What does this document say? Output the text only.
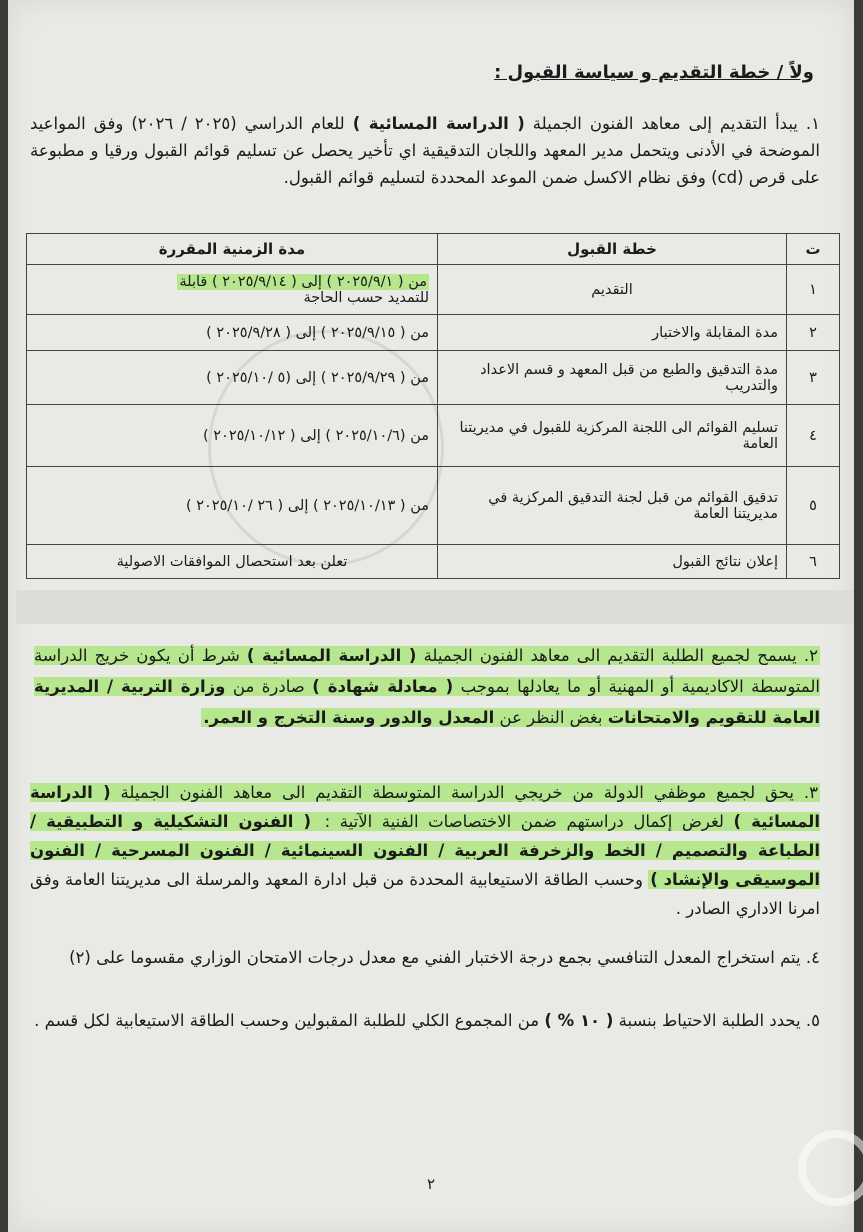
ولاً / خطة التقديم و سياسة القبول :
١. يبدأ التقديم إلى معاهد الفنون الجميلة ( الدراسة المسائية ) للعام الدراسي (٢٠٢٥ / ٢٠٢٦) وفق المواعيد الموضحة في الأدنى ويتحمل مدير المعهد واللجان التدقيقية اي تأخير يحصل عن تسليم قوائم القبول ورقيا و مطبوعة على قرص (cd) وفق نظام الاكسل ضمن الموعد المحددة لتسليم قوائم القبول.
ت	خطة القبول	مدة الزمنية المقررة
١	التقديم	من ( ٢٠٢٥/٩/١ ) إلى ( ٢٠٢٥/٩/١٤ ) قابلة
للتمديد حسب الحاجة

٢	مدة المقابلة والاختبار	من ( ٢٠٢٥/٩/١٥ ) إلى ( ٢٠٢٥/٩/٢٨ )
٣	مدة التدقيق والطبع من قبل المعهد و قسم الاعداد والتدريب	من ( ٢٠٢٥/٩/٢٩ ) إلى (٥ /٢٠٢٥/١٠ )
٤	تسليم القوائم الى اللجنة المركزية للقبول في مديريتنا العامة	من (٢٠٢٥/١٠/٦ ) إلى ( ٢٠٢٥/١٠/١٢ )
٥	تدقيق القوائم من قبل لجنة التدقيق المركزية في مديريتنا العامة	من ( ٢٠٢٥/١٠/١٣ ) إلى ( ٢٦ /٢٠٢٥/١٠ )
٦	إعلان نتائج القبول	تعلن بعد استحصال الموافقات الاصولية
٢. يسمح لجميع الطلبة التقديم الى معاهد الفنون الجميلة ( الدراسة المسائية ) شرط أن يكون خريج الدراسة المتوسطة الاكاديمية أو المهنية أو ما يعادلها بموجب ( معادلة شهادة ) صادرة من وزارة التربية / المديرية العامة للتقويم والامتحانات بغض النظر عن المعدل والدور وسنة التخرج و العمر.
٣. يحق لجميع موظفي الدولة من خريجي الدراسة المتوسطة التقديم الى معاهد الفنون الجميلة ( الدراسة المسائية ) لغرض إكمال دراستهم ضمن الاختصاصات الفنية الآتية : ( الفنون التشكيلية و التطبيقية / الطباعة والتصميم / الخط والزخرفة العربية / الفنون السينمائية / الفنون المسرحية / الفنون الموسيقى والإنشاد ) وحسب الطاقة الاستيعابية المحددة من قبل ادارة المعهد والمرسلة الى مديريتنا العامة وفق امرنا الاداري الصادر .
٤. يتم استخراج المعدل التنافسي بجمع درجة الاختبار الفني مع معدل درجات الامتحان الوزاري مقسوما على (٢)
٥. يحدد الطلبة الاحتياط بنسبة ( ١٠ % ) من المجموع الكلي للطلبة المقبولين وحسب الطاقة الاستيعابية لكل قسم .
٢
